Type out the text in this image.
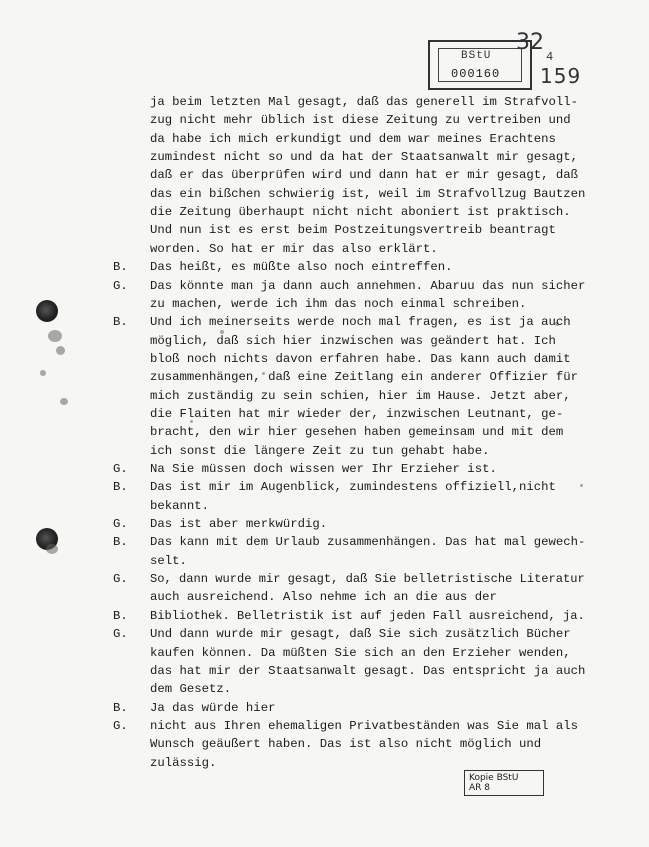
BStU
000160
32
4
159
ja beim letzten Mal gesagt, daß das generell im Strafvoll-
zug nicht mehr üblich ist diese Zeitung zu vertreiben und
da habe ich mich erkundigt und dem war meines Erachtens
zumindest nicht so und da hat der Staatsanwalt mir gesagt,
daß er das überprüfen wird und dann hat er mir gesagt, daß
das ein bißchen schwierig ist, weil im Strafvollzug Bautzen
die Zeitung überhaupt nicht nicht aboniert ist praktisch.
Und nun ist es erst beim Postzeitungsvertreib beantragt
worden. So hat er mir das also erklärt.
B. Das heißt, es müßte also noch eintreffen.
G. Das könnte man ja dann auch annehmen. Abaruu das nun sicher
zu machen, werde ich ihm das noch einmal schreiben.
B. Und ich meinerseits werde noch mal fragen, es ist ja auch
möglich, daß sich hier inzwischen was geändert hat. Ich
bloß noch nichts davon erfahren habe. Das kann auch damit
zusammenhängen, daß eine Zeitlang ein anderer Offizier für
mich zuständig zu sein schien, hier im Hause. Jetzt aber,
die Flaiten hat mir wieder der, inzwischen Leutnant, ge-
bracht, den wir hier gesehen haben gemeinsam und mit dem
ich sonst die längere Zeit zu tun gehabt habe.
G. Na Sie müssen doch wissen wer Ihr Erzieher ist.
B. Das ist mir im Augenblick, zumindestens offiziell,nicht
bekannt.
G. Das ist aber merkwürdig.
B. Das kann mit dem Urlaub zusammenhängen. Das hat mal gewech-
selt.
G. So, dann wurde mir gesagt, daß Sie belletristische Literatur
auch ausreichend. Also nehme ich an die aus der
B. Bibliothek. Belletristik ist auf jeden Fall ausreichend, ja.
G. Und dann wurde mir gesagt, daß Sie sich zusätzlich Bücher
kaufen können. Da müßten Sie sich an den Erzieher wenden,
das hat mir der Staatsanwalt gesagt. Das entspricht ja auch
dem Gesetz.
B. Ja das würde hier
G. nicht aus Ihren ehemaligen Privatbeständen was Sie mal als
Wunsch geäußert haben. Das ist also nicht möglich und
zulässig.
Kopie BStU
AR 8
